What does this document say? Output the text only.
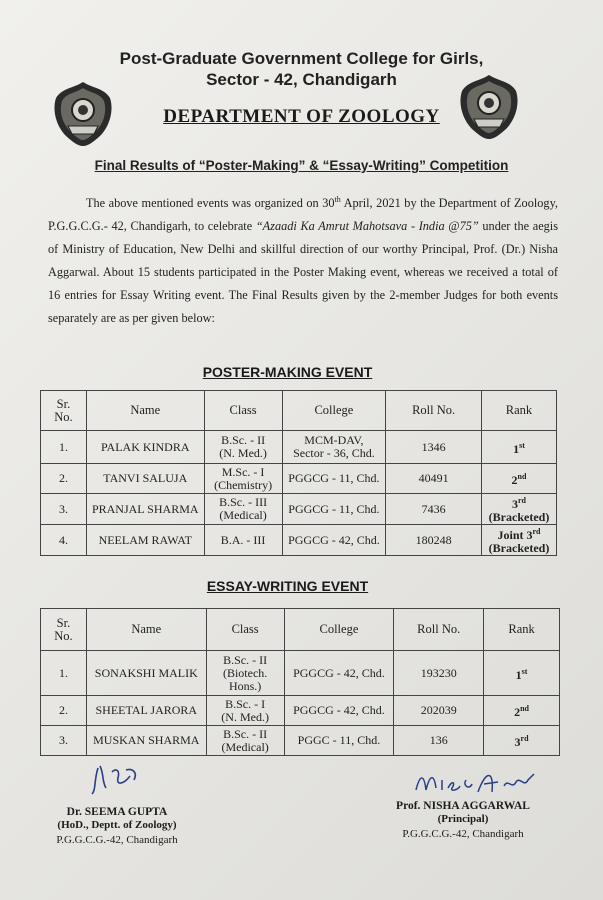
Post-Graduate Government College for Girls,
Sector - 42, Chandigarh
DEPARTMENT OF ZOOLOGY
Final Results of “Poster-Making” & “Essay-Writing” Competition
The above mentioned events was organized on 30th April, 2021 by the Department of Zoology, P.G.G.C.G.- 42, Chandigarh, to celebrate “Azaadi Ka Amrut Mahotsava - India @75” under the aegis of Ministry of Education, New Delhi and skillful direction of our worthy Principal, Prof. (Dr.) Nisha Aggarwal. About 15 students participated in the Poster Making event, whereas we received a total of 16 entries for Essay Writing event. The Final Results given by the 2-member Judges for both events separately are as per given below:
POSTER-MAKING EVENT
Sr.
No.	Name	Class	College	Roll No.	Rank
1.	PALAK KINDRA	B.Sc. - II
(N. Med.)	MCM-DAV,
Sector - 36, Chd.	1346	1st
2.	TANVI SALUJA	M.Sc. - I
(Chemistry)	PGGCG - 11, Chd.	40491	2nd
3.	PRANJAL SHARMA	B.Sc. - III
(Medical)	PGGCG - 11, Chd.	7436	3rd
(Bracketed)
4.	NEELAM RAWAT	B.A. - III	PGGCG - 42, Chd.	180248	Joint 3rd
(Bracketed)
ESSAY-WRITING EVENT
Sr.
No.	Name	Class	College	Roll No.	Rank
1.	SONAKSHI MALIK	B.Sc. - II
(Biotech.
Hons.)	PGGCG - 42, Chd.	193230	1st
2.	SHEETAL JARORA	B.Sc. - I
(N. Med.)	PGGCG - 42, Chd.	202039	2nd
3.	MUSKAN SHARMA	B.Sc. - II
(Medical)	PGGC - 11, Chd.	136	3rd
Dr. SEEMA GUPTA
(HoD., Deptt. of Zoology)
P.G.G.C.G.-42, Chandigarh
Prof. NISHA AGGARWAL
(Principal)
P.G.G.C.G.-42, Chandigarh
